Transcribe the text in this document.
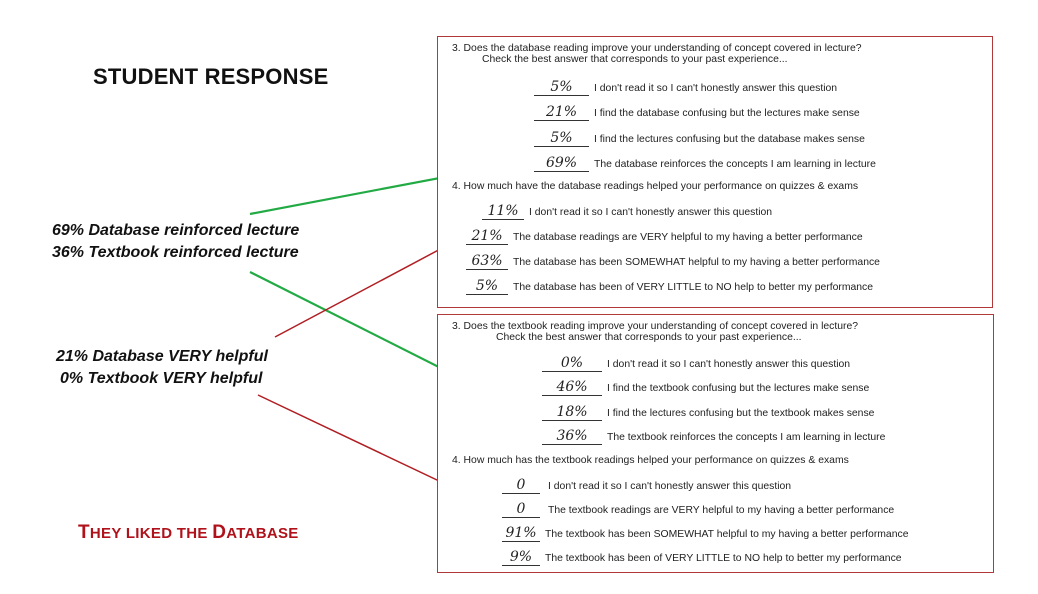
STUDENT RESPONSE
69% Database reinforced lecture
36% Textbook reinforced lecture
21% Database VERY helpful
0% Textbook VERY helpful
THEY LIKED THE DATABASE
3. Does the database reading improve your understanding of concept covered in lecture?
Check the best answer that corresponds to your past experience...
5%	I don't read it so I can't honestly answer this question
21%	I find the database confusing but the lectures make sense
5%	I find the lectures confusing but the database makes sense
69%	The database reinforces the concepts I am learning in lecture
4. How much have the database readings helped your performance on quizzes & exams
11%	I don't read it so I can't honestly answer this question
21%	The database readings are VERY helpful to my having a better performance
63%	The database has been SOMEWHAT helpful to my having a better performance
5%	The database has been of VERY LITTLE to NO help to better my performance
3. Does the textbook reading improve your understanding of concept covered in lecture?
Check the best answer that corresponds to your past experience...
0%	I don't read it so I can't honestly answer this question
46%	I find the textbook confusing but the lectures make sense
18%	I find the lectures confusing but the textbook makes sense
36%	The textbook reinforces the concepts I am learning in lecture
4. How much has the textbook readings helped your performance on quizzes & exams
0	I don't read it so I can't honestly answer this question
0	The textbook readings are VERY helpful to my having a better performance
91% The textbook has been SOMEWHAT helpful to my having a better performance
9%	The textbook has been of VERY LITTLE to NO help to better my performance
